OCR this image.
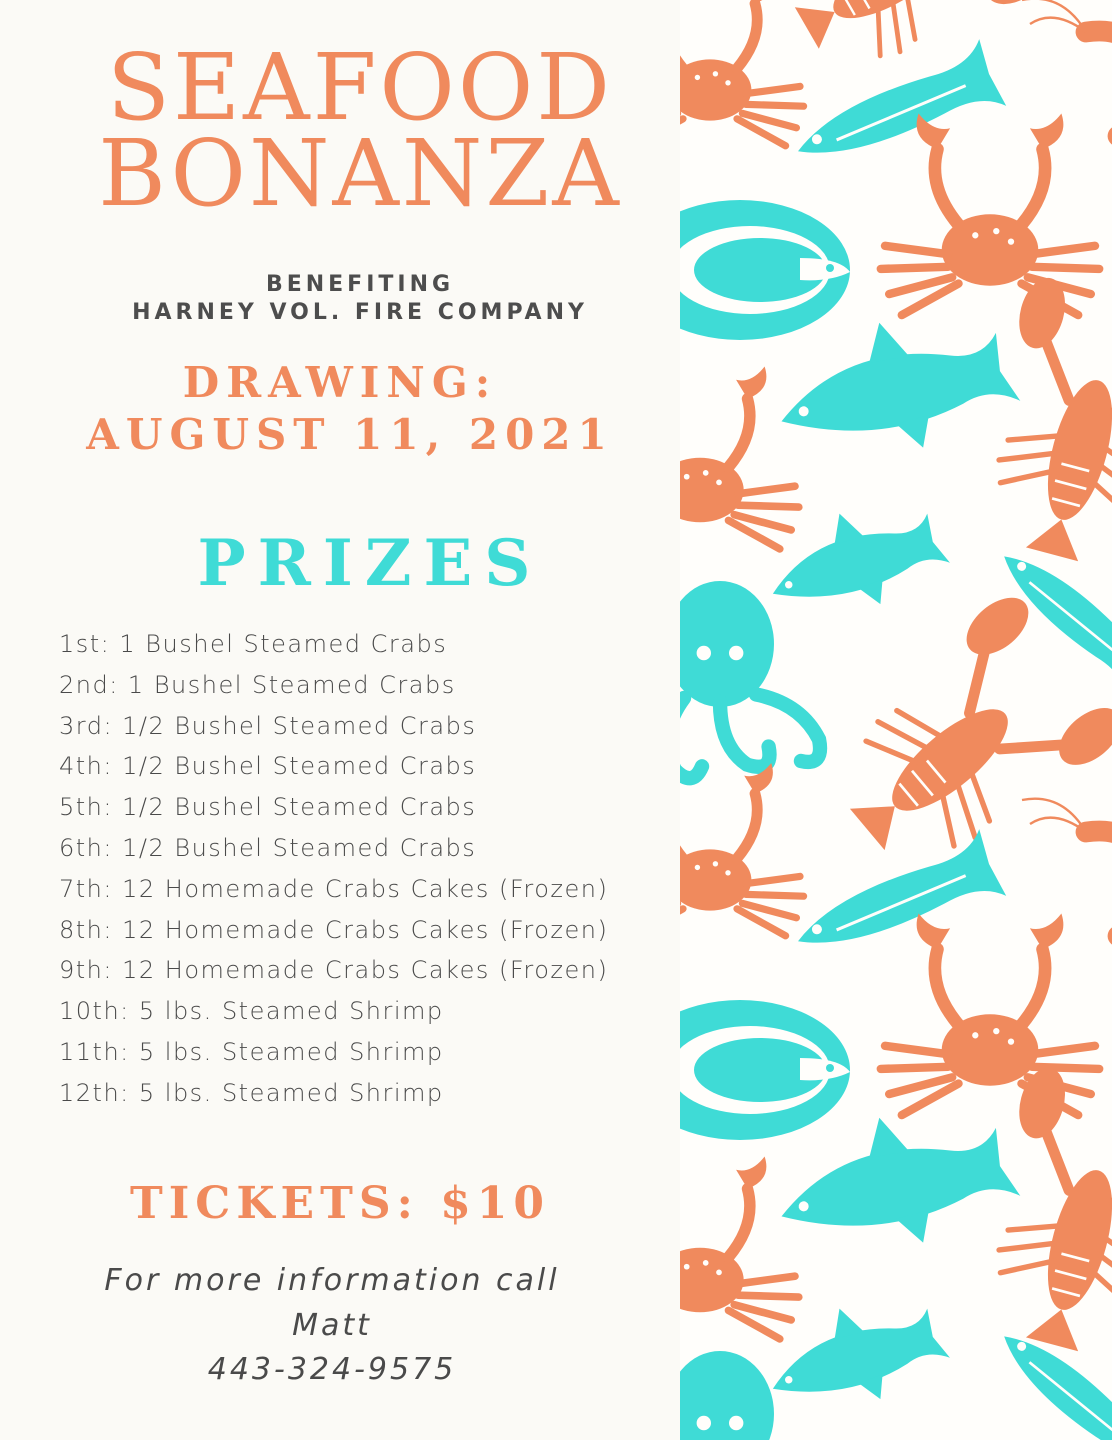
SEAFOOD
BONANZA
BENEFITING
HARNEY VOL. FIRE COMPANY
DRAWING:
AUGUST 11, 2021
PRIZES
1st: 1 Bushel Steamed Crabs
2nd: 1 Bushel Steamed Crabs
3rd: 1/2 Bushel Steamed Crabs
4th: 1/2 Bushel Steamed Crabs
5th: 1/2 Bushel Steamed Crabs
6th: 1/2 Bushel Steamed Crabs
7th: 12 Homemade Crabs Cakes (Frozen)
8th: 12 Homemade Crabs Cakes (Frozen)
9th: 12 Homemade Crabs Cakes (Frozen)
10th: 5 lbs. Steamed Shrimp
11th: 5 lbs. Steamed Shrimp
12th: 5 lbs. Steamed Shrimp
TICKETS: $10
For more information call
Matt
443-324-9575
